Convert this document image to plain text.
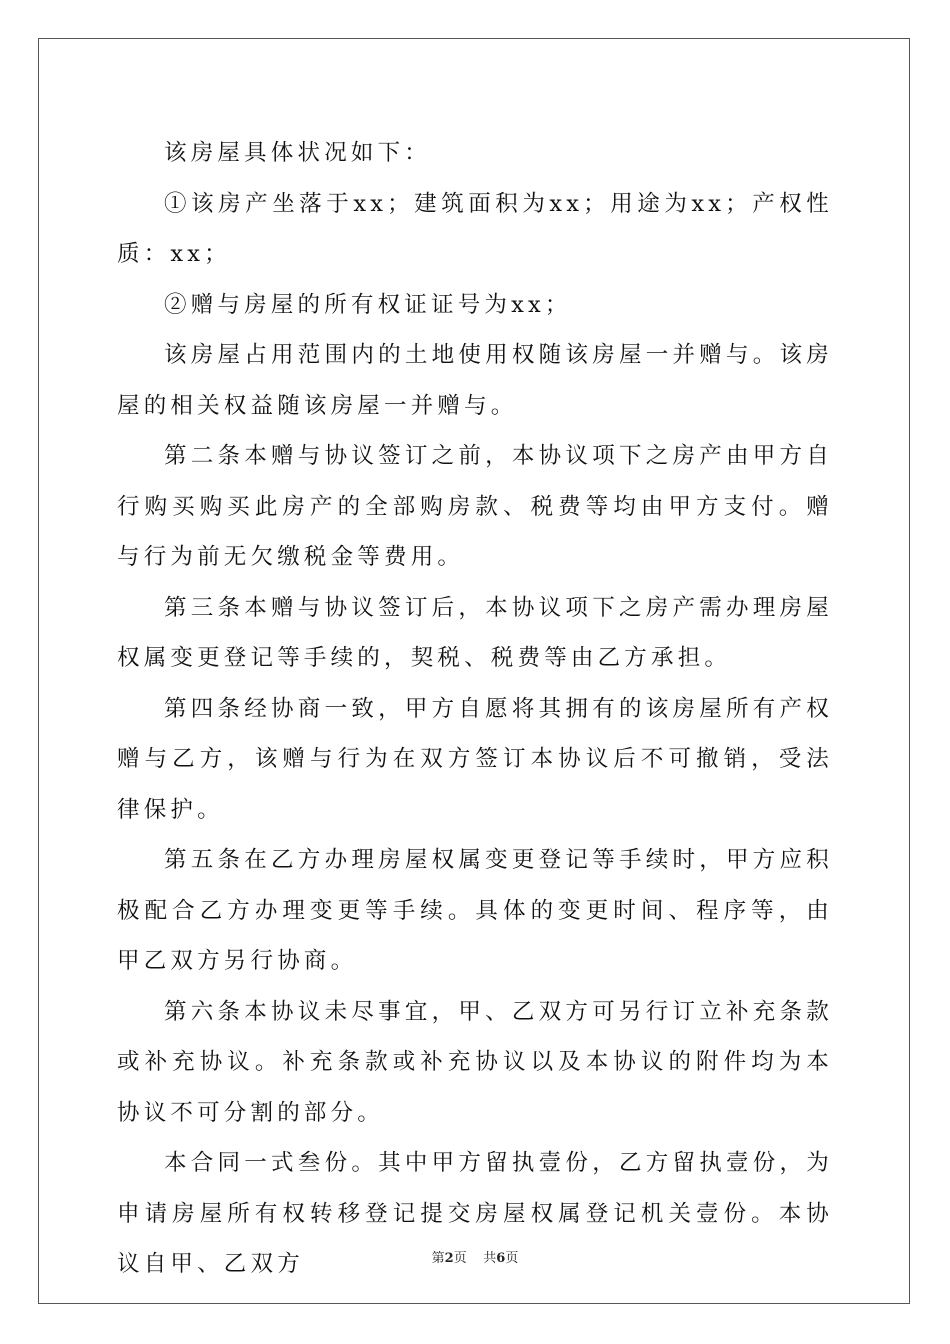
该房屋具体状况如下：

①该房产坐落于xx；建筑面积为xx；用途为xx；产权性质：xx；

②赠与房屋的所有权证证号为xx；

该房屋占用范围内的土地使用权随该房屋一并赠与。该房屋的相关权益随该房屋一并赠与。

第二条本赠与协议签订之前，本协议项下之房产由甲方自行购买购买此房产的全部购房款、税费等均由甲方支付。赠与行为前无欠缴税金等费用。

第三条本赠与协议签订后，本协议项下之房产需办理房屋权属变更登记等手续的，契税、税费等由乙方承担。

第四条经协商一致，甲方自愿将其拥有的该房屋所有产权赠与乙方，该赠与行为在双方签订本协议后不可撤销，受法律保护。

第五条在乙方办理房屋权属变更登记等手续时，甲方应积极配合乙方办理变更等手续。具体的变更时间、程序等，由甲乙双方另行协商。

第六条本协议未尽事宜，甲、乙双方可另行订立补充条款或补充协议。补充条款或补充协议以及本协议的附件均为本协议不可分割的部分。

本合同一式叁份。其中甲方留执壹份，乙方留执壹份，为申请房屋所有权转移登记提交房屋权属登记机关壹份。本协议自甲、乙双方	第2页 共6页
